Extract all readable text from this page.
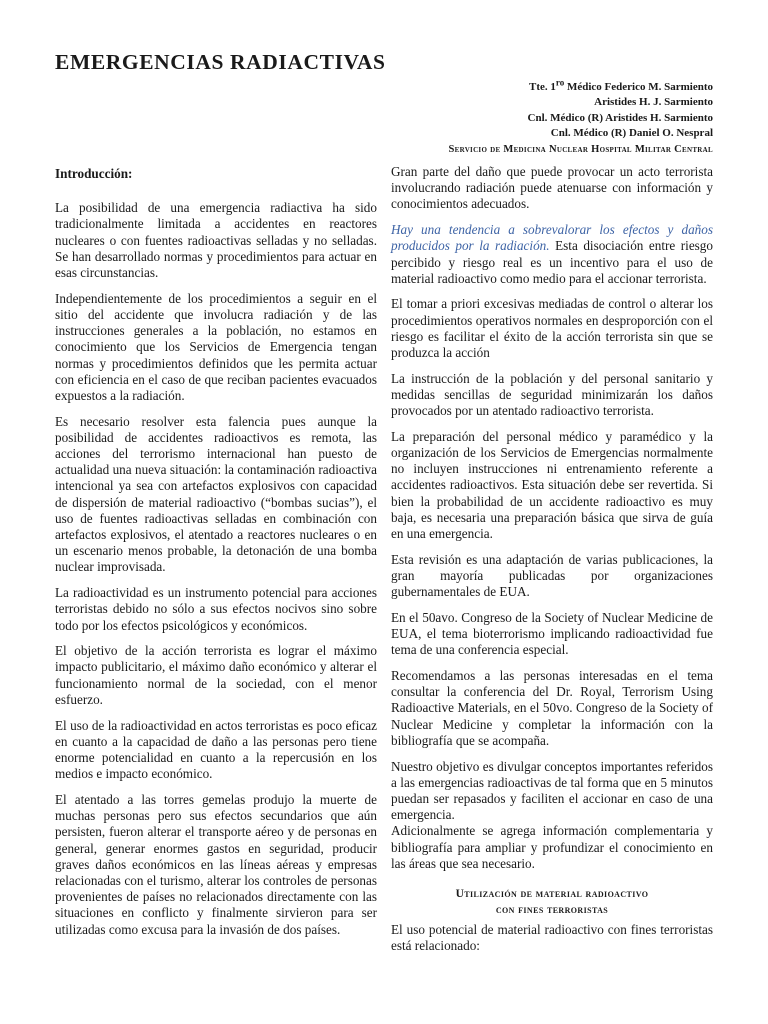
EMERGENCIAS RADIACTIVAS
Tte. $1^{ro}$ Médico Federico M. Sarmiento
Aristides H. J. Sarmiento
Cnl. Médico (R) Aristides H. Sarmiento
Cnl. Médico (R) Daniel O. Nespral
Servicio de Medicina Nuclear Hospital Militar Central
Introducción:

La posibilidad de una emergencia radiactiva ha sido tradicionalmente limitada a accidentes en reactores nucleares o con fuentes radioactivas selladas y no selladas. Se han desarrollado normas y procedimientos para actuar en esas circunstancias.

Independientemente de los procedimientos a seguir en el sitio del accidente que involucra radiación y de las instrucciones generales a la población, no estamos en conocimiento que los Servicios de Emergencia tengan normas y procedimientos definidos que les permita actuar con eficiencia en el caso de que reciban pacientes evacuados expuestos a la radiación.

Es necesario resolver esta falencia pues aunque la posibilidad de accidentes radioactivos es remota, las acciones del terrorismo internacional han puesto de actualidad una nueva situación: la contaminación radioactiva intencional ya sea con artefactos explosivos con capacidad de dispersión de material radioactivo (“bombas sucias”), el uso de fuentes radioactivas selladas en combinación con artefactos explosivos, el atentado a reactores nucleares o en un escenario menos probable, la detonación de una bomba nuclear improvisada.

La radioactividad es un instrumento potencial para acciones terroristas debido no sólo a sus efectos nocivos sino sobre todo por los efectos psicológicos y económicos.

El objetivo de la acción terrorista es lograr el máximo impacto publicitario, el máximo daño económico y alterar el funcionamiento normal de la sociedad, con el menor esfuerzo.

El uso de la radioactividad en actos terroristas es poco eficaz en cuanto a la capacidad de daño a las personas pero tiene enorme potencialidad en cuanto a la repercusión en los medios e impacto económico.

El atentado a las torres gemelas produjo la muerte de muchas personas pero sus efectos secundarios que aún persisten, fueron alterar el transporte aéreo y de personas en general, generar enormes gastos en seguridad, producir graves daños económicos en las líneas aéreas y empresas relacionadas con el turismo, alterar los controles de personas provenientes de países no relacionados directamente con las situaciones en conflicto y finalmente sirvieron para ser utilizadas como excusa para la invasión de dos países.

Gran parte del daño que puede provocar un acto terrorista involucrando radiación puede atenuarse con información y conocimientos adecuados.

Hay una tendencia a sobrevalorar los efectos y daños producidos por la radiación. Esta disociación entre riesgo percibido y riesgo real es un incentivo para el uso de material radioactivo como medio para el accionar terrorista.

El tomar a priori excesivas mediadas de control o alterar los procedimientos operativos normales en desproporción con el riesgo es facilitar el éxito de la acción terrorista sin que se produzca la acción

La instrucción de la población y del personal sanitario y medidas sencillas de seguridad minimizarán los daños provocados por un atentado radioactivo terrorista.

La preparación del personal médico y paramédico y la organización de los Servicios de Emergencias normalmente no incluyen instrucciones ni entrenamiento referente a accidentes radioactivos. Esta situación debe ser revertida. Si bien la probabilidad de un accidente radioactivo es muy baja, es necesaria una preparación básica que sirva de guía en una emergencia.

Esta revisión es una adaptación de varias publicaciones, la gran mayoría publicadas por organizaciones gubernamentales de EUA.

En el 50avo. Congreso de la Society of Nuclear Medicine de EUA, el tema bioterrorismo implicando radioactividad fue tema de una conferencia especial.

Recomendamos a las personas interesadas en el tema consultar la conferencia del Dr. Royal, Terrorism Using Radioactive Materials, en el 50vo. Congreso de la Society of Nuclear Medicine y completar la información con la bibliografía que se acompaña.

Nuestro objetivo es divulgar conceptos importantes referidos a las emergencias radioactivas de tal forma que en 5 minutos puedan ser repasados y faciliten el accionar en caso de una emergencia.

Adicionalmente se agrega información complementaria y bibliografía para ampliar y profundizar el conocimiento en las áreas que sea necesario.

Utilización de material radioactivo
con fines terroristas

El uso potencial de material radioactivo con fines terroristas está relacionado:
